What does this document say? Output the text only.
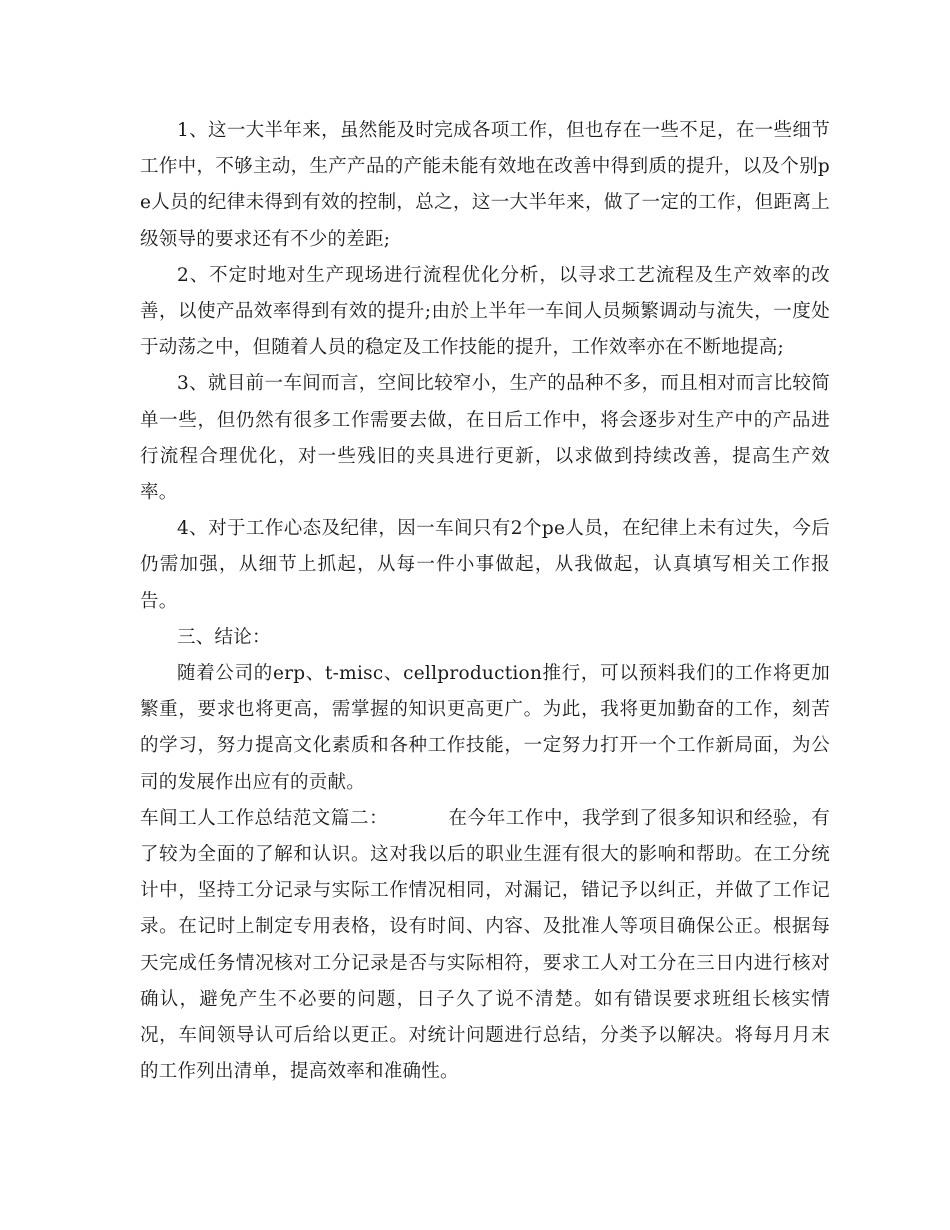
1、这一大半年来，虽然能及时完成各项工作，但也存在一些不足，在一些细节工作中，不够主动，生产产品的产能未能有效地在改善中得到质的提升，以及个别pe人员的纪律未得到有效的控制，总之，这一大半年来，做了一定的工作，但距离上级领导的要求还有不少的差距;

2、不定时地对生产现场进行流程优化分析，以寻求工艺流程及生产效率的改善，以使产品效率得到有效的提升;由於上半年一车间人员频繁调动与流失，一度处于动荡之中，但随着人员的稳定及工作技能的提升，工作效率亦在不断地提高;

3、就目前一车间而言，空间比较窄小，生产的品种不多，而且相对而言比较简单一些，但仍然有很多工作需要去做，在日后工作中，将会逐步对生产中的产品进行流程合理优化，对一些残旧的夹具进行更新，以求做到持续改善，提高生产效率。

4、对于工作心态及纪律，因一车间只有2个pe人员，在纪律上未有过失，今后仍需加强，从细节上抓起，从每一件小事做起，从我做起，认真填写相关工作报告。

三、结论：

随着公司的erp、t-misc、cellproduction推行，可以预料我们的工作将更加繁重，要求也将更高，需掌握的知识更高更广。为此，我将更加勤奋的工作，刻苦的学习，努力提高文化素质和各种工作技能，一定努力打开一个工作新局面，为公司的发展作出应有的贡献。

车间工人工作总结范文篇二：	在今年工作中，我学到了很多知识和经验，有了较为全面的了解和认识。这对我以后的职业生涯有很大的影响和帮助。在工分统计中，坚持工分记录与实际工作情况相同，对漏记，错记予以纠正，并做了工作记录。在记时上制定专用表格，设有时间、内容、及批准人等项目确保公正。根据每天完成任务情况核对工分记录是否与实际相符，要求工人对工分在三日内进行核对确认，避免产生不必要的问题，日子久了说不清楚。如有错误要求班组长核实情况，车间领导认可后给以更正。对统计问题进行总结，分类予以解决。将每月月末的工作列出清单，提高效率和准确性。
